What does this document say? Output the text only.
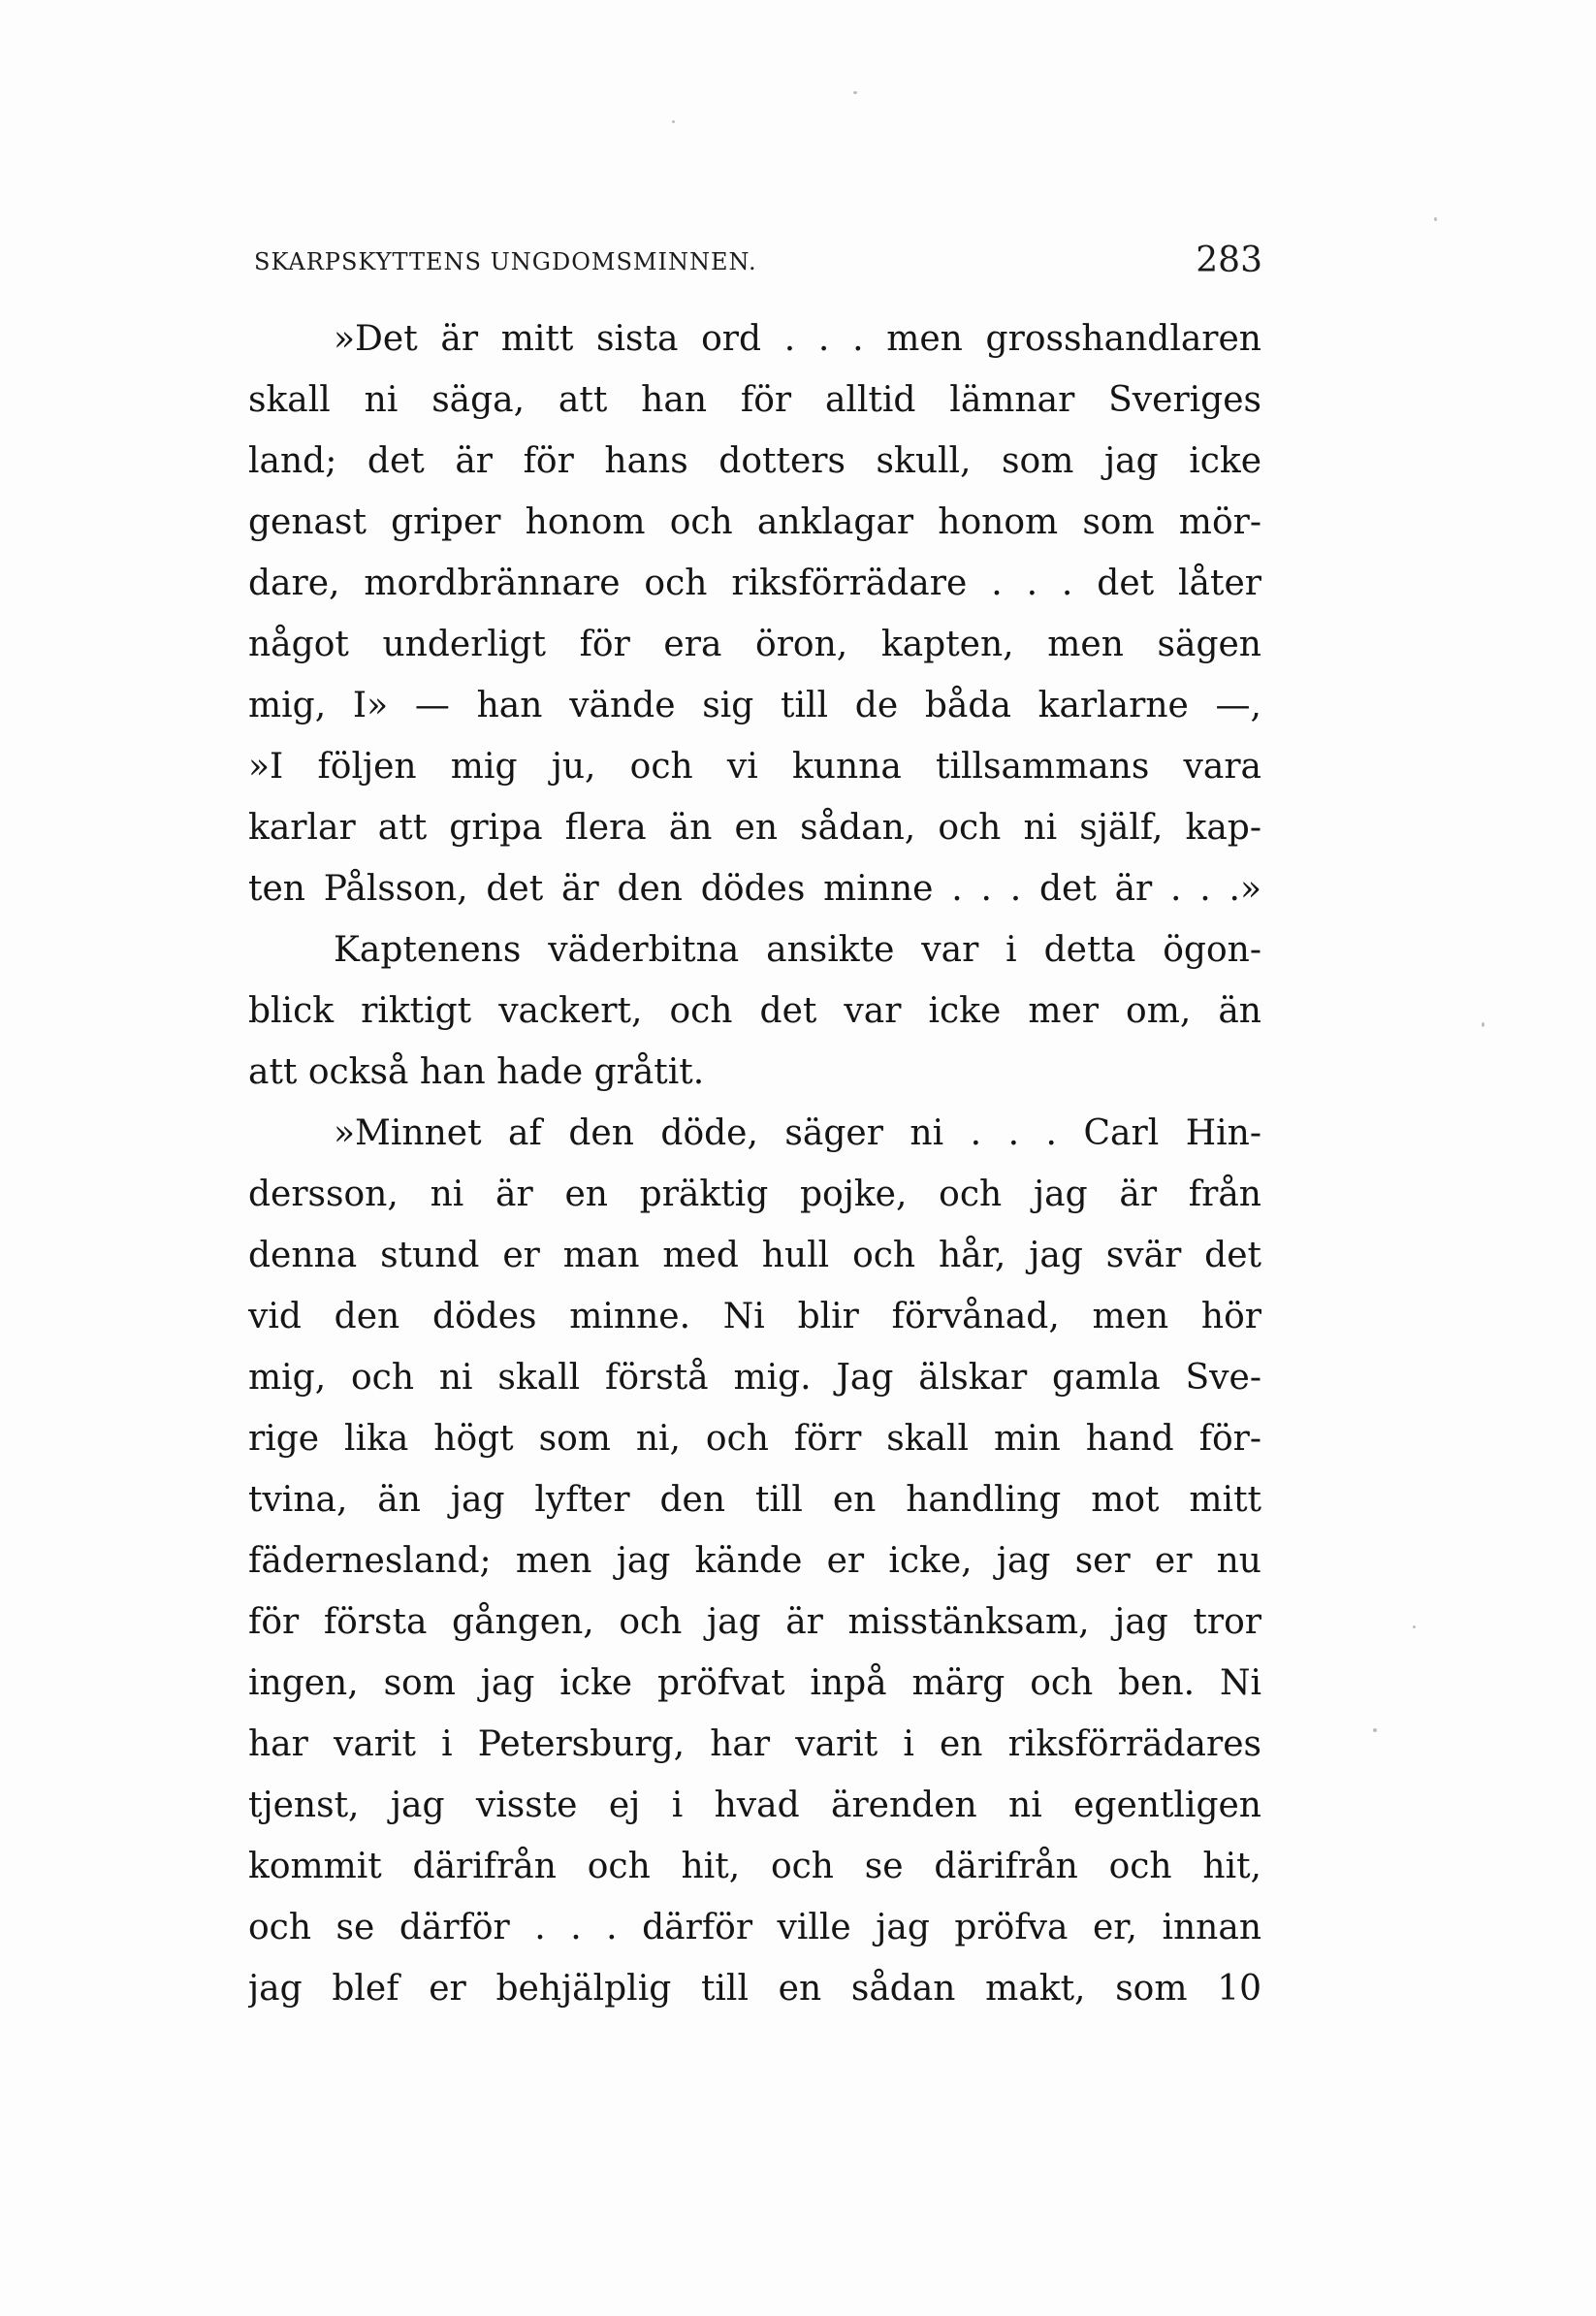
SKARPSKYTTENS UNGDOMSMINNEN.	283
»Det är mitt sista ord . . . men grosshandlaren
skall ni säga, att han för alltid lämnar Sveriges
land; det är för hans dotters skull, som jag icke
genast griper honom och anklagar honom som mör-
dare, mordbrännare och riksförrädare . . . det låter
något underligt för era öron, kapten, men sägen
mig, I» — han vände sig till de båda karlarne —,
»I följen mig ju, och vi kunna tillsammans vara
karlar att gripa flera än en sådan, och ni själf, kap-
ten Pålsson, det är den dödes minne . . . det är . . .»
Kaptenens väderbitna ansikte var i detta ögon-
blick riktigt vackert, och det var icke mer om, än
att också han hade gråtit.
»Minnet af den döde, säger ni . . . Carl Hin-
dersson, ni är en präktig pojke, och jag är från
denna stund er man med hull och hår, jag svär det
vid den dödes minne. Ni blir förvånad, men hör
mig, och ni skall förstå mig. Jag älskar gamla Sve-
rige lika högt som ni, och förr skall min hand för-
tvina, än jag lyfter den till en handling mot mitt
fädernesland; men jag kände er icke, jag ser er nu
för första gången, och jag är misstänksam, jag tror
ingen, som jag icke pröfvat inpå märg och ben. Ni
har varit i Petersburg, har varit i en riksförrädares
tjenst, jag visste ej i hvad ärenden ni egentligen
kommit därifrån och hit, och se därifrån och hit,
och se därför . . . därför ville jag pröfva er, innan
jag blef er behjälplig till en sådan makt, som 10
